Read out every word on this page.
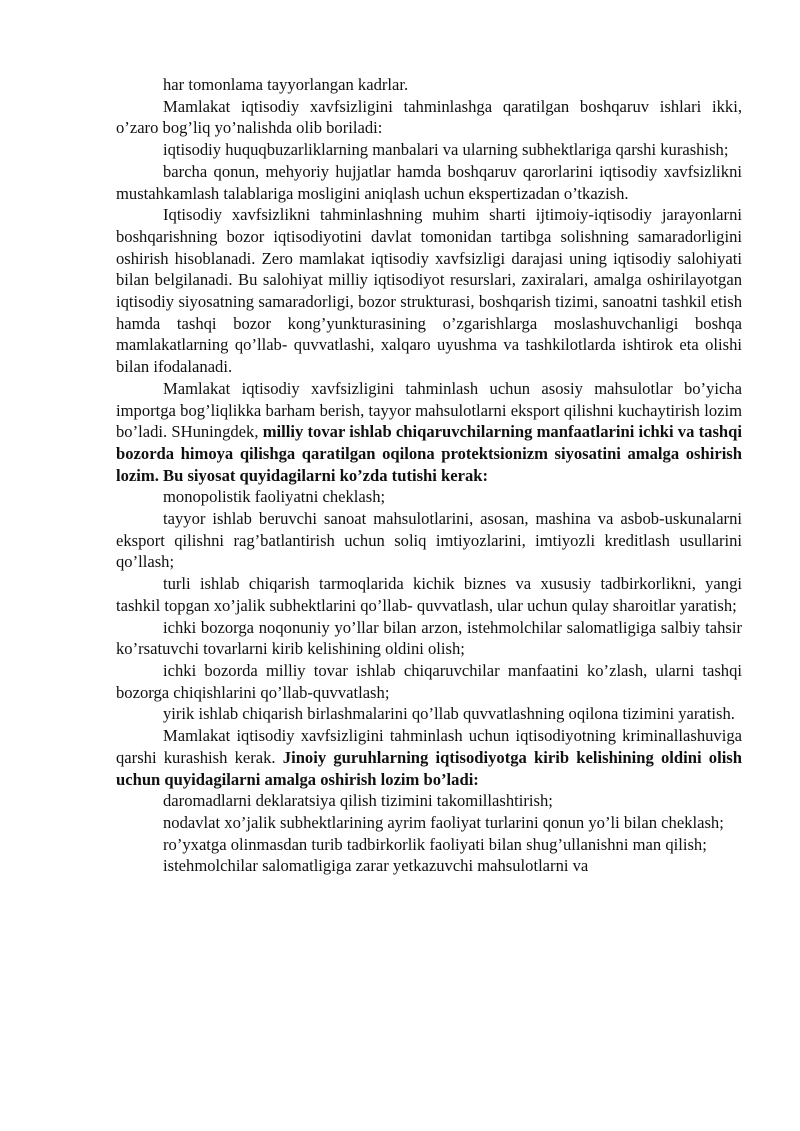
har tomonlama tayyorlangan kadrlar.

Mamlakat iqtisodiy xavfsizligini tahminlashga qaratilgan boshqaruv ishlari ikki, o’zaro bog’liq yo’nalishda olib boriladi:

iqtisodiy huquqbuzarliklarning manbalari va ularning subhektlariga qarshi kurashish;

barcha qonun, mehyoriy hujjatlar hamda boshqaruv qarorlarini iqtisodiy xavfsizlikni mustahkamlash talablariga mosligini aniqlash uchun ekspertizadan o’tkazish.

Iqtisodiy xavfsizlikni tahminlashning muhim sharti ijtimoiy-iqtisodiy jarayonlarni boshqarishning bozor iqtisodiyotini davlat tomonidan tartibga solishning samaradorligini oshirish hisoblanadi. Zero mamlakat iqtisodiy xavfsizligi darajasi uning iqtisodiy salohiyati bilan belgilanadi. Bu salohiyat milliy iqtisodiyot resurslari, zaxiralari, amalga oshirilayotgan iqtisodiy siyosatning samaradorligi, bozor strukturasi, boshqarish tizimi, sanoatni tashkil etish hamda tashqi bozor kong’yunkturasining o’zgarishlarga moslashuvchanligi boshqa mamlakatlarning qo’llab- quvvatlashi, xalqaro uyushma va tashkilotlarda ishtirok eta olishi bilan ifodalanadi.

Mamlakat iqtisodiy xavfsizligini tahminlash uchun asosiy mahsulotlar bo’yicha importga bog’liqlikka barham berish, tayyor mahsulotlarni eksport qilishni kuchaytirish lozim bo’ladi. SHuningdek, milliy tovar ishlab chiqaruvchilarning manfaatlarini ichki va tashqi bozorda himoya qilishga qaratilgan oqilona protektsionizm siyosatini amalga oshirish lozim. Bu siyosat quyidagilarni ko’zda tutishi kerak:

monopolistik faoliyatni cheklash;

tayyor ishlab beruvchi sanoat mahsulotlarini, asosan, mashina va asbob-uskunalarni eksport qilishni rag’batlantirish uchun soliq imtiyozlarini, imtiyozli kreditlash usullarini qo’llash;

turli ishlab chiqarish tarmoqlarida kichik biznes va xususiy tadbirkorlikni, yangi tashkil topgan xo’jalik subhektlarini qo’llab- quvvatlash, ular uchun qulay sharoitlar yaratish;

ichki bozorga noqonuniy yo’llar bilan arzon, istehmolchilar salomatligiga salbiy tahsir ko’rsatuvchi tovarlarni kirib kelishining oldini olish;

ichki bozorda milliy tovar ishlab chiqaruvchilar manfaatini ko’zlash, ularni tashqi bozorga chiqishlarini qo’llab-quvvatlash;

yirik ishlab chiqarish birlashmalarini qo’llab quvvatlashning oqilona tizimini yaratish.

Mamlakat iqtisodiy xavfsizligini tahminlash uchun iqtisodiyotning kriminallashuviga qarshi kurashish kerak. Jinoiy guruhlarning iqtisodiyotga kirib kelishining oldini olish uchun quyidagilarni amalga oshirish lozim bo’ladi:

daromadlarni deklaratsiya qilish tizimini takomillashtirish;

nodavlat xo’jalik subhektlarining ayrim faoliyat turlarini qonun yo’li bilan cheklash;

ro’yxatga olinmasdan turib tadbirkorlik faoliyati bilan shug’ullanishni man qilish;

istehmolchilar salomatligiga zarar yetkazuvchi mahsulotlarni va
